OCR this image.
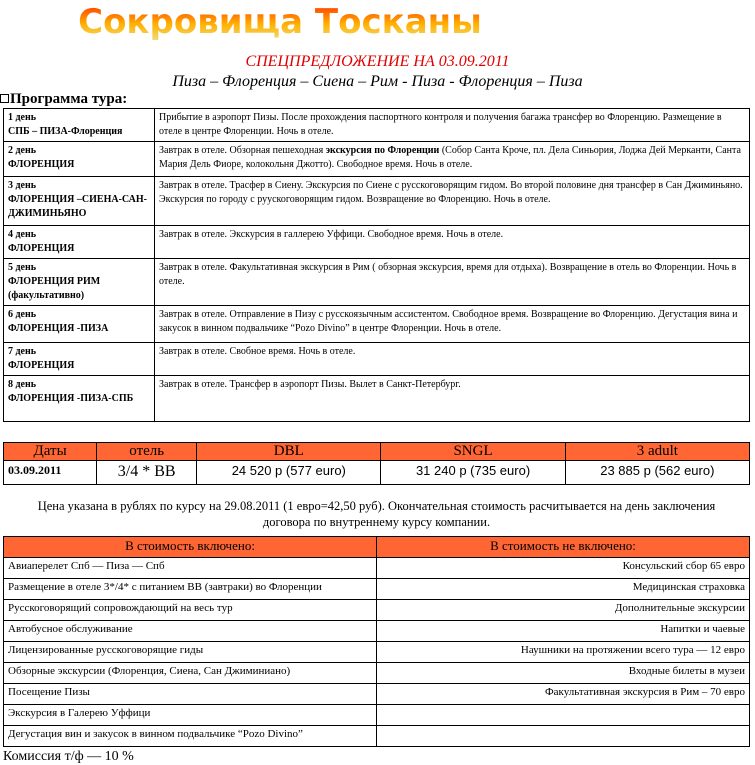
Сокровища Тосканы
СПЕЦПРЕДЛОЖЕНИЕ НА 03.09.2011
Пиза – Флоренция – Сиена – Рим - Пиза - Флоренция – Пиза
Программа тура:
1 день
СПБ – ПИЗА-Флоренция	Прибытие в аэропорт Пизы. После прохождения паспортного контроля и получения багажа трансфер во Флоренцию. Размещение в отеле в центре Флоренции. Ночь в отеле.

2 день
ФЛОРЕНЦИЯ	Завтрак в отеле. Обзорная пешеходная экскурсия по Флоренции (Собор Санта Кроче, пл. Дела Синьория, Лоджа Дей Мерканти, Санта Мария Дель Фиоре, колокольня Джотто). Свободное время. Ночь в отеле.

3 день
ФЛОРЕНЦИЯ –СИЕНА-САН-ДЖИМИНЬЯНО	Завтрак в отеле. Трасфер в Сиену. Экскурсия по Сиене с русскоговорящим гидом. Во второй половине дня трансфер в Сан Джиминьяно. Экскурсия по городу с руускоговорящим гидом. Возвращение во Флоренцию. Ночь в отеле.

4 день
ФЛОРЕНЦИЯ	Завтрак в отеле. Экскурсия в галлерею Уффици. Свободное время. Ночь в отеле.

5 день
ФЛОРЕНЦИЯ РИМ (факультативно)	Завтрак в отеле. Факультативная экскурсия в Рим ( обзорная экскурсия, время для отдыха). Возвращение в отель во Флоренции. Ночь в отеле.

6 день
ФЛОРЕНЦИЯ -ПИЗА	Завтрак в отеле. Отправление в Пизу с русскоязычным ассистентом. Свободное время. Возвращение во Флоренцию. Дегустация вина и закусок в винном подвальчике “Pozo Divino” в центре Флоренции. Ночь в отеле.

7 день
ФЛОРЕНЦИЯ	Завтрак в отеле. Свобное время. Ночь в отеле.

8 день
ФЛОРЕНЦИЯ -ПИЗА-СПБ	Завтрак в отеле. Трансфер в аэропорт Пизы. Вылет в Санкт-Петербург.
Даты	отель	DBL	SNGL	3 adult
03.09.2011	3/4 * BB	24 520 р (577 euro)	31 240 р (735 euro)	23 885 р (562 euro)
Цена указана в рублях по курсу на 29.08.2011 (1 евро=42,50 руб). Окончательная стоимость расчитывается на день заключения договора по внутреннему курсу компании.
В стоимость включено:	В стоимость не включено:
Авиаперелет Спб — Пиза — Спб	Консульский сбор 65 евро
Размещение в отеле 3*/4* с питанием BB (завтраки) во Флоренции	Медицинская страховка
Русскоговорящий сопровождающий на весь тур	Дополнительные экскурсии
Автобусное обслуживание	Напитки и чаевые
Лицензированные русскоговорящие гиды	Наушники на протяжении всего тура — 12 евро
Обзорные экскурсии (Флоренция, Сиена, Сан Джиминиано)	Входные билеты в музеи
Посещение Пизы	Факультативная экскурсия в Рим – 70 евро
Экскурсия в Галерею Уффици	
Дегустация вин и закусок в винном подвальчике “Pozo Divino”	
Комиссия т/ф — 10 %
